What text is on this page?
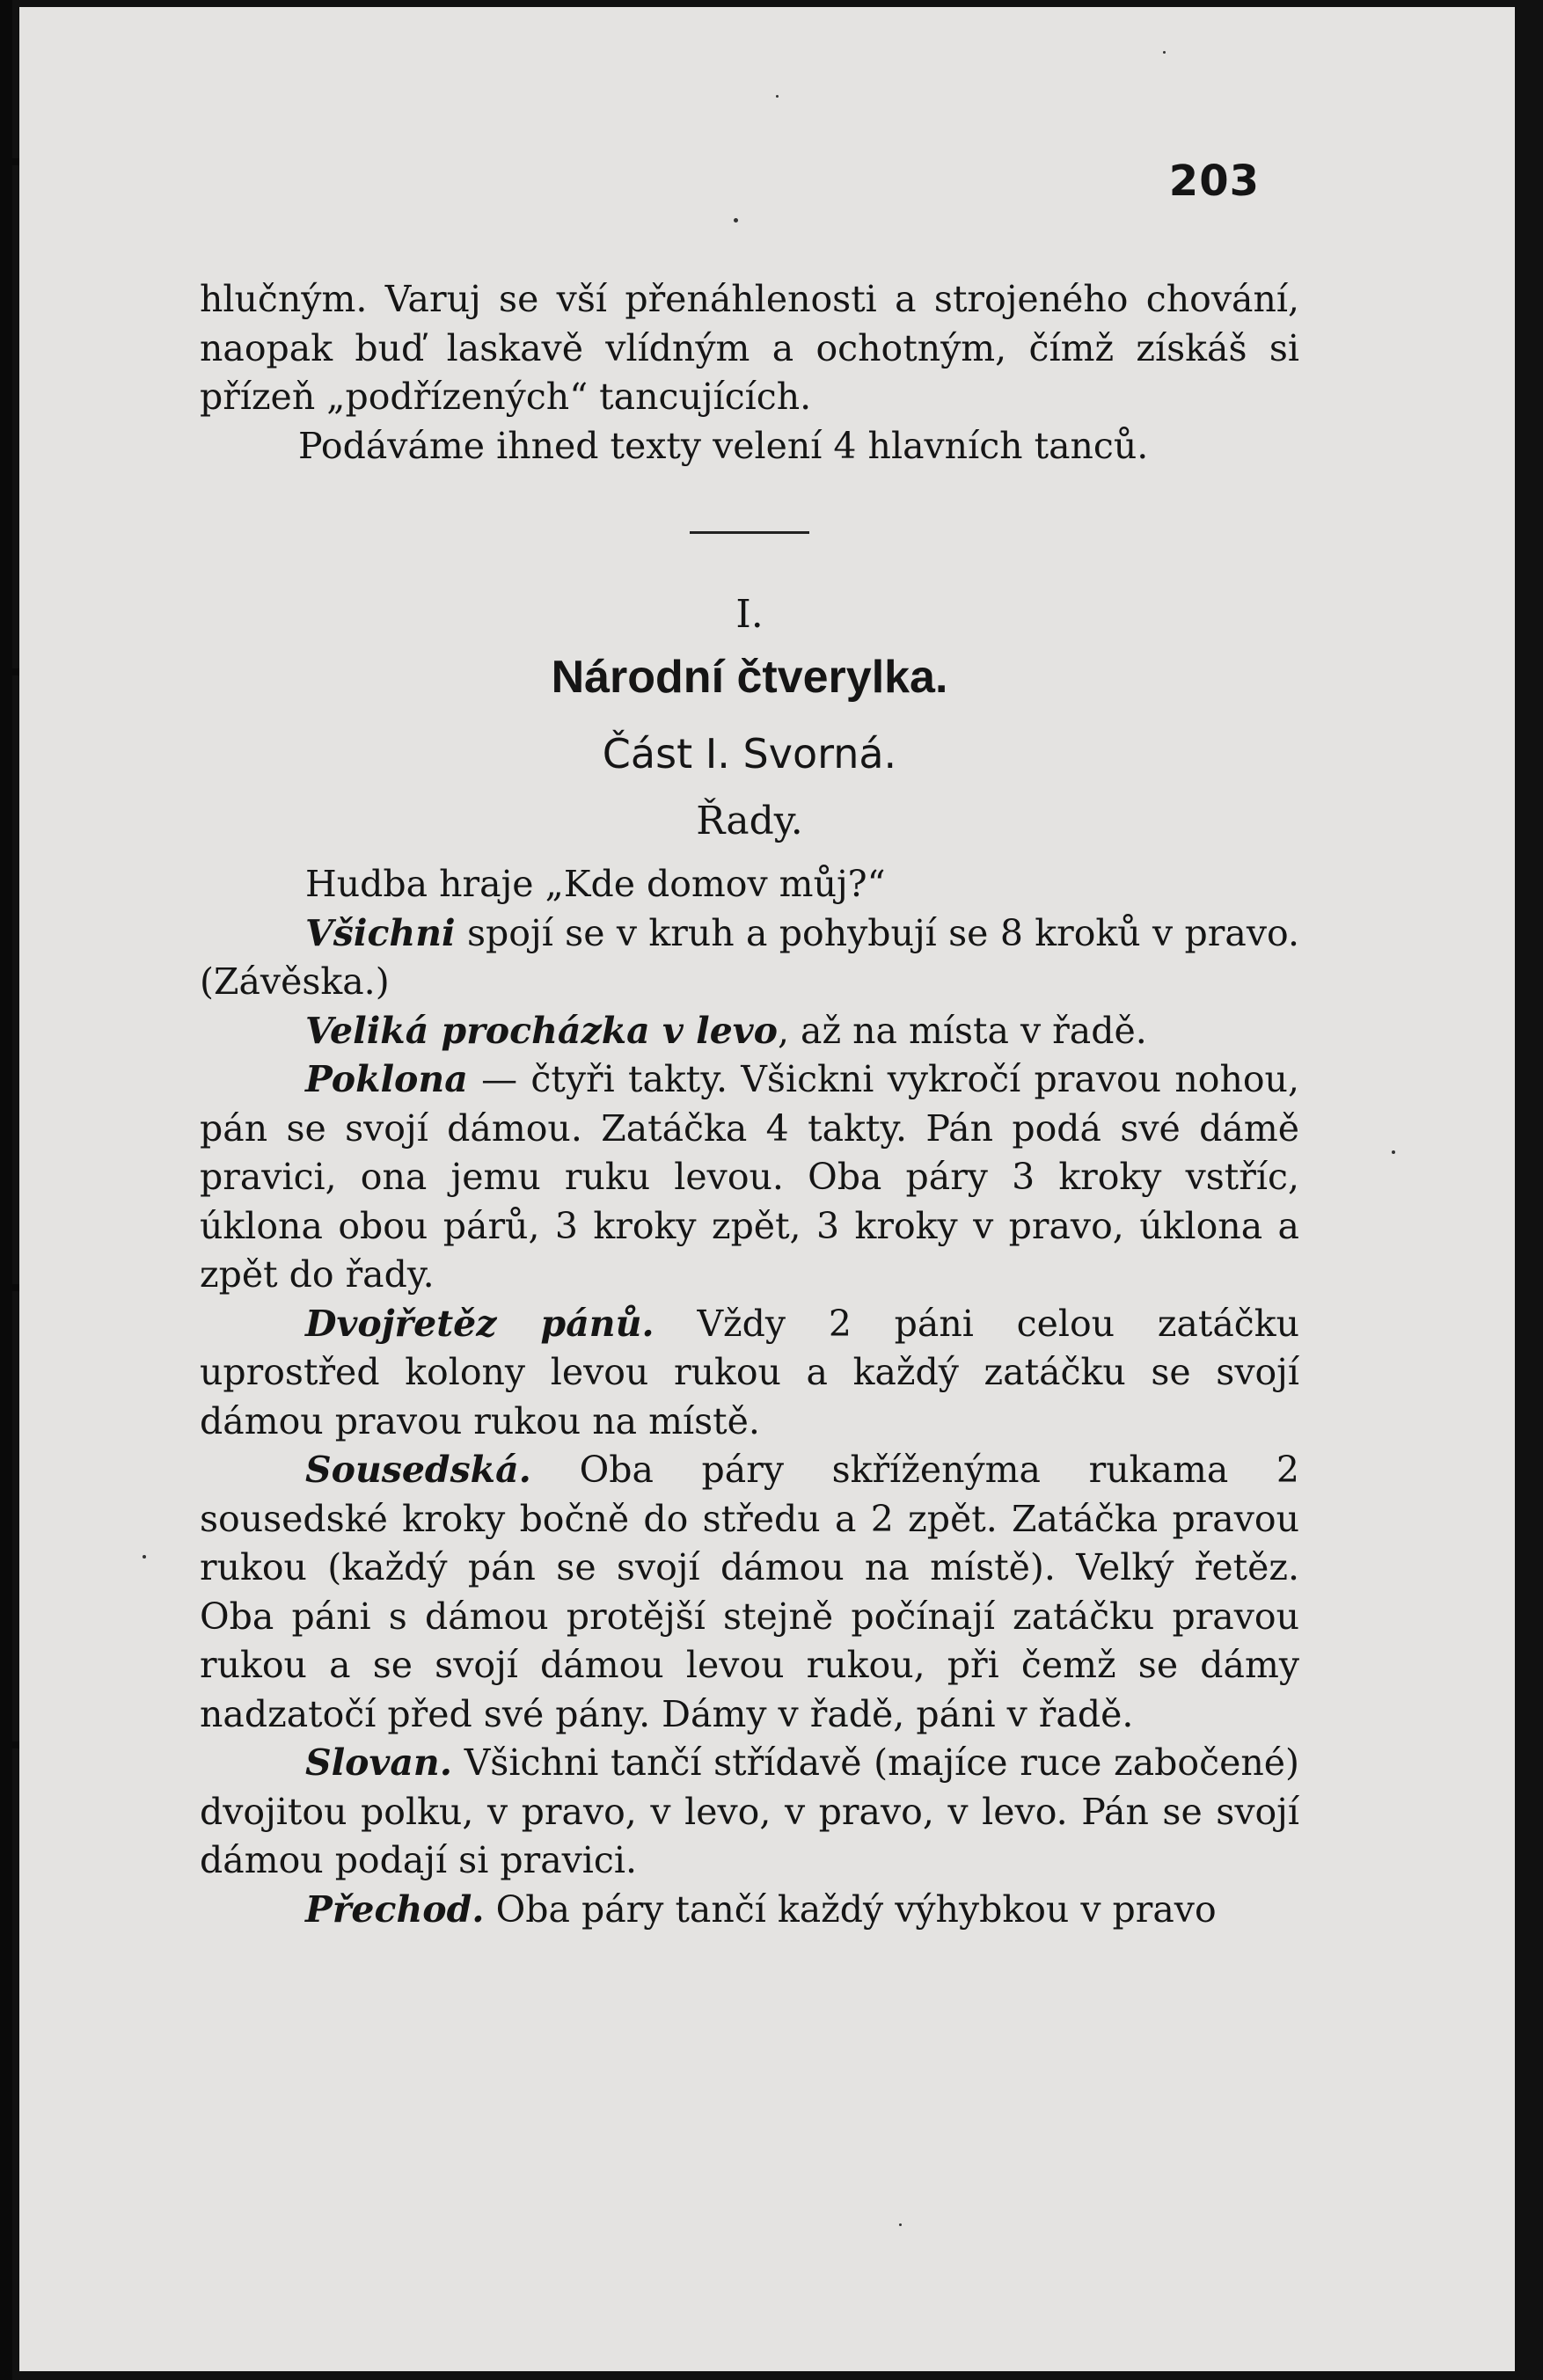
203

hlučným. Varuj se vší přenáhlenosti a strojeného chování, naopak buď laskavě vlídným a ochotným, čímž získáš si přízeň „podřízených“ tancujících.

Podáváme ihned texty velení 4 hlavních tanců.

I.
Národní čtverylka.
Část I. Svorná.
Řady.

Hudba hraje „Kde domov můj?“

Všichni spojí se v kruh a pohybují se 8 kroků v pravo. (Závěska.)

Veliká procházka v levo, až na místa v řadě.

Poklona — čtyři takty. Všickni vykročí pravou nohou, pán se svojí dámou. Zatáčka 4 takty. Pán podá své dámě pravici, ona jemu ruku levou. Oba páry 3 kroky vstříc, úklona obou párů, 3 kroky zpět, 3 kroky v pravo, úklona a zpět do řady.

Dvojřetěz pánů. Vždy 2 páni celou zatáčku uprostřed kolony levou rukou a každý zatáčku se svojí dámou pravou rukou na místě.

Sousedská. Oba páry skříženýma rukama 2 sousedské kroky bočně do středu a 2 zpět. Zatáčka pravou rukou (každý pán se svojí dámou na místě). Velký řetěz. Oba páni s dámou protější stejně počínají zatáčku pravou rukou a se svojí dámou levou rukou, při čemž se dámy nadzatočí před své pány. Dámy v řadě, páni v řadě.

Slovan. Všichni tančí střídavě (majíce ruce zabočené) dvojitou polku, v pravo, v levo, v pravo, v levo. Pán se svojí dámou podají si pravici.

Přechod. Oba páry tančí každý výhybkou v pravo
